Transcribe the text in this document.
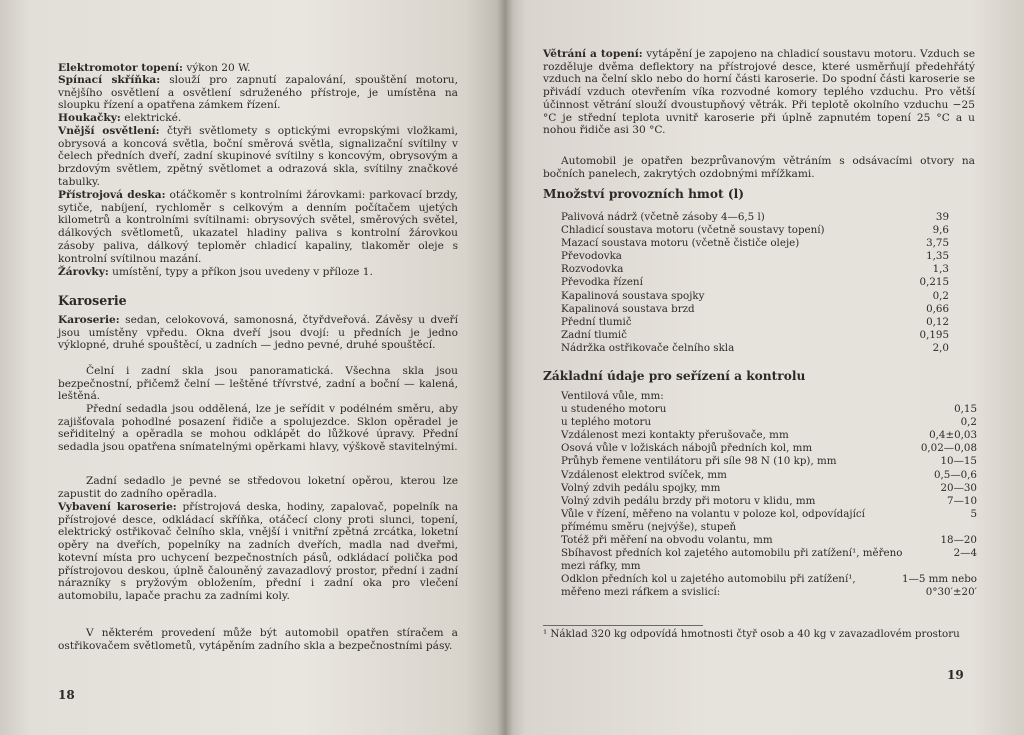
Elektromotor topení: výkon 20 W.

Spínací skříňka: slouží pro zapnutí zapalování, spouštění motoru, vnějšího osvětlení a osvětlení sdruženého přístroje, je umístěna na sloupku řízení a opatřena zámkem řízení.

Houkačky: elektrické.

Vnější osvětlení: čtyři světlomety s optickými evropskými vložkami, obrysová a koncová světla, boční směrová světla, signalizační svítilny v čelech předních dveří, zadní skupinové svítilny s koncovým, obrysovým a brzdovým světlem, zpětný světlomet a odrazová skla, svítilny značkové tabulky.

Přístrojová deska: otáčkoměr s kontrolními žárovkami: parkovací brzdy, sytiče, nabíjení, rychloměr s celkovým a denním počítačem ujetých kilometrů a kontrolními svítilnami: obrysových světel, směrových světel, dálkových světlometů, ukazatel hladiny paliva s kontrolní žárovkou zásoby paliva, dálkový teploměr chladicí kapaliny, tlakoměr oleje s kontrolní svítilnou mazání.

Žárovky: umístění, typy a příkon jsou uvedeny v příloze 1.

Karoserie

Karoserie: sedan, celokovová, samonosná, čtyřdveřová. Závěsy u dveří jsou umístěny vpředu. Okna dveří jsou dvojí: u předních je jedno výklopné, druhé spouštěcí, u zadních — jedno pevné, druhé spouštěcí.

Čelní i zadní skla jsou panoramatická. Všechna skla jsou bezpečnostní, přičemž čelní — leštěné třívrstvé, zadní a boční — kalená, leštěná.

Přední sedadla jsou oddělená, lze je seřídit v podélném směru, aby zajišťovala pohodlné posazení řidiče a spolujezdce. Sklon opěradel je seřiditelný a opěradla se mohou odklápět do lůžkové úpravy. Přední sedadla jsou opatřena snímatelnými opěrkami hlavy, výškově stavitelnými.

Zadní sedadlo je pevné se středovou loketní opěrou, kterou lze zapustit do zadního opěradla.

Vybavení karoserie: přístrojová deska, hodiny, zapalovač, popelník na přístrojové desce, odkládací skříňka, otáčecí clony proti slunci, topení, elektrický ostřikovač čelního skla, vnější i vnitřní zpětná zrcátka, loketní opěry na dveřích, popelníky na zadních dveřích, madla nad dveřmi, kotevní místa pro uchycení bezpečnostních pásů, odkládací polička pod přístrojovou deskou, úplně čalouněný zavazadlový prostor, přední i zadní nárazníky s pryžovým obložením, přední i zadní oka pro vlečení automobilu, lapače prachu za zadními koly.

V některém provedení může být automobil opatřen stíračem a ostřikovačem světlometů, vytápěním zadního skla a bezpečnostními pásy.

18

Větrání a topení: vytápění je zapojeno na chladicí soustavu motoru. Vzduch se rozděluje dvěma deflektory na přístrojové desce, které usměrňují předehřátý vzduch na čelní sklo nebo do horní části karoserie. Do spodní části karoserie se přivádí vzduch otevřením víka rozvodné komory teplého vzduchu. Pro větší účinnost větrání slouží dvoustupňový větrák. Při teplotě okolního vzduchu −25 °C je střední teplota uvnitř karoserie při úplně zapnutém topení 25 °C a u nohou řidiče asi 30 °C.

Automobil je opatřen bezprůvanovým větráním s odsávacími otvory na bočních panelech, zakrytých ozdobnými mřížkami.

Množství provozních hmot (l)
Palivová nádrž (včetně zásoby 4—6,5 l)	39
Chladicí soustava motoru (včetně soustavy topení)	9,6
Mazací soustava motoru (včetně čističe oleje)	3,75
Převodovka	1,35
Rozvodovka	1,3
Převodka řízení	0,215
Kapalinová soustava spojky	0,2
Kapalinová soustava brzd	0,66
Přední tlumič	0,12
Zadní tlumič	0,195
Nádržka ostřikovače čelního skla	2,0
Základní údaje pro seřízení a kontrolu
Ventilová vůle, mm:
u studeného motoru	0,15
u teplého motoru	0,2
Vzdálenost mezi kontakty přerušovače, mm	0,4±0,03
Osová vůle v ložiskách nábojů předních kol, mm	0,02—0,08
Průhyb řemene ventilátoru při síle 98 N (10 kp), mm	10—15
Vzdálenost elektrod svíček, mm	0,5—0,6
Volný zdvih pedálu spojky, mm	20—30
Volný zdvih pedálu brzdy při motoru v klidu, mm	7—10
Vůle v řízení, měřeno na volantu v poloze kol, odpovídající přímému směru (nejvýše), stupeň
5
Totéž při měření na obvodu volantu, mm	18—20
Sbíhavost předních kol zajetého automobilu při zatížení¹, měřeno mezi ráfky, mm
2—4
Odklon předních kol u zajetého automobilu při zatížení¹, měřeno mezi ráfkem a svislicí:
1—5 mm nebo 0°30′±20′
¹ Náklad 320 kg odpovídá hmotnosti čtyř osob a 40 kg v zavazadlovém prostoru
19
